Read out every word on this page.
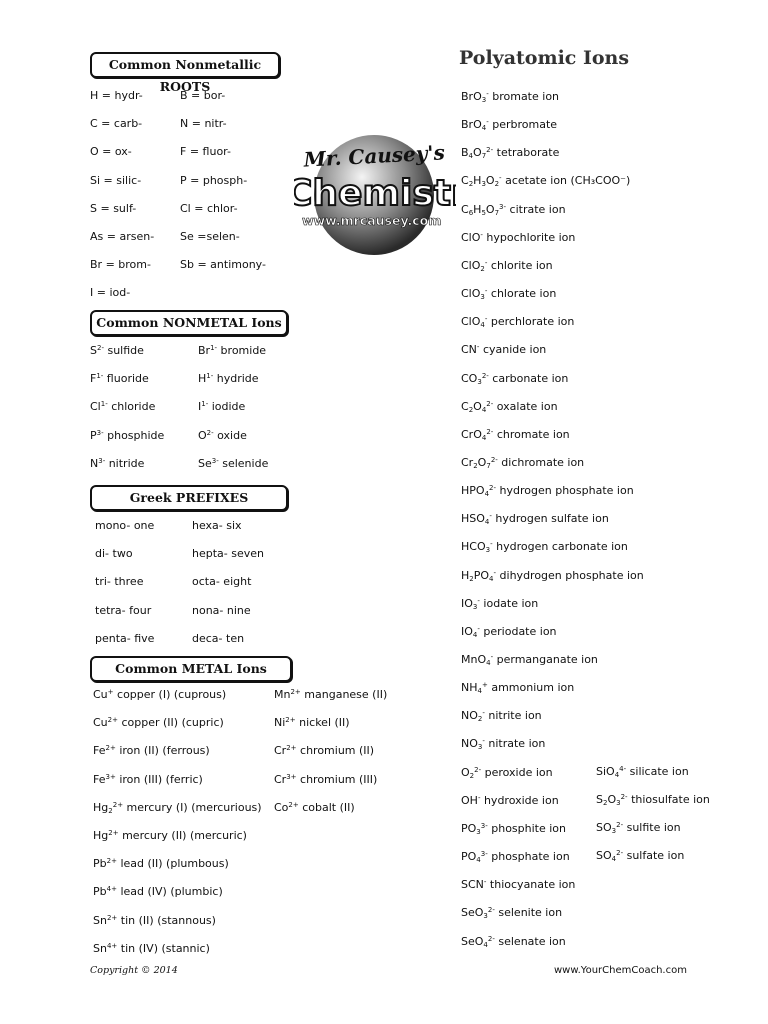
Common Nonmetallic ROOTS
H = hydr-
C = carb-
O = ox-
Si = silic-
S = sulf-
As = arsen-
Br = brom-
I = iod-
B = bor-
N = nitr-
F = fluor-
P = phosph-
Cl = chlor-
Se =selen-
Sb = antimony-
Mr. Causey's
Chemist
www.mrcausey.com
Common NONMETAL Ions
$S^{2-}$ sulfide
$F^{1-}$ fluoride
$Cl^{1-}$ chloride
$P^{3-}$ phosphide
$N^{3-}$ nitride
$Br^{1-}$ bromide
$H^{1-}$ hydride
$I^{1-}$ iodide
$O^{2-}$ oxide
$Se^{3-}$ selenide
Greek PREFIXES
mono- one
di- two
tri- three
tetra- four
penta- five
hexa- six
hepta- seven
octa- eight
nona- nine
deca- ten
Common METAL Ions
Cu+ copper (I) (cuprous)
$Cu^{2+}$ copper (II) (cupric)
$Fe^{2+}$ iron (II) (ferrous)
$Fe^{3+}$ iron (III) (ferric)
$Hg_2^{2+}$ mercury (I) (mercurious)
$Hg^{2+}$ mercury (II) (mercuric)
$Pb^{2+}$ lead (II) (plumbous)
$Pb^{4+}$ lead (IV) (plumbic)
$Sn^{2+}$ tin (II) (stannous)
$Sn^{4+}$ tin (IV) (stannic)
$Mn^{2+}$ manganese (II)
$Ni^{2+}$ nickel (II)
$Cr^{2+}$ chromium (II)
$Cr^{3+}$ chromium (III)
$Co^{2+}$ cobalt (II)
Polyatomic Ions
BrO$_3$- bromate ion
BrO$_4$- perbromate
$B_4O_7^{2-}$ tetraborate
$C_2H_3O_2^-$ acetate ion (CH₃COO⁻)
$C_6H_5O_7^{3-}$ citrate ion
ClO- hypochlorite ion
ClO$_2$- chlorite ion
ClO$_3$- chlorate ion
ClO$_4$- perchlorate ion
CN- cyanide ion
$CO_3^{2-}$ carbonate ion
$C_2O_4^{2-}$ oxalate ion
CrO$_4^{2-}$ chromate ion
$Cr_2O_7^{2-}$ dichromate ion
$HPO_4^{2-}$ hydrogen phosphate ion
$HSO_4^-$ hydrogen sulfate ion
$HCO_3^-$ hydrogen carbonate ion
$H_2PO_4^-$ dihydrogen phosphate ion
$IO_3^-$ iodate ion
$IO_4^-$ periodate ion
MnO$_4$- permanganate ion
$NH_4^+$ ammonium ion
$NO_2^-$ nitrite ion
$NO_3^-$ nitrate ion
$O_2^{2-}$ peroxide ion
OH- hydroxide ion
$PO_3^{3-}$ phosphite ion
$PO_4^{3-}$ phosphate ion
SCN- thiocyanate ion
SeO$_3^{2-}$ selenite ion
SeO$_4^{2-}$ selenate ion
SiO$_4^{4-}$ silicate ion
$S_2O_3^{2-}$ thiosulfate ion
$SO_3^{2-}$ sulfite ion
$SO_4^{2-}$ sulfate ion
Copyright © 2014	www.YourChemCoach.com
